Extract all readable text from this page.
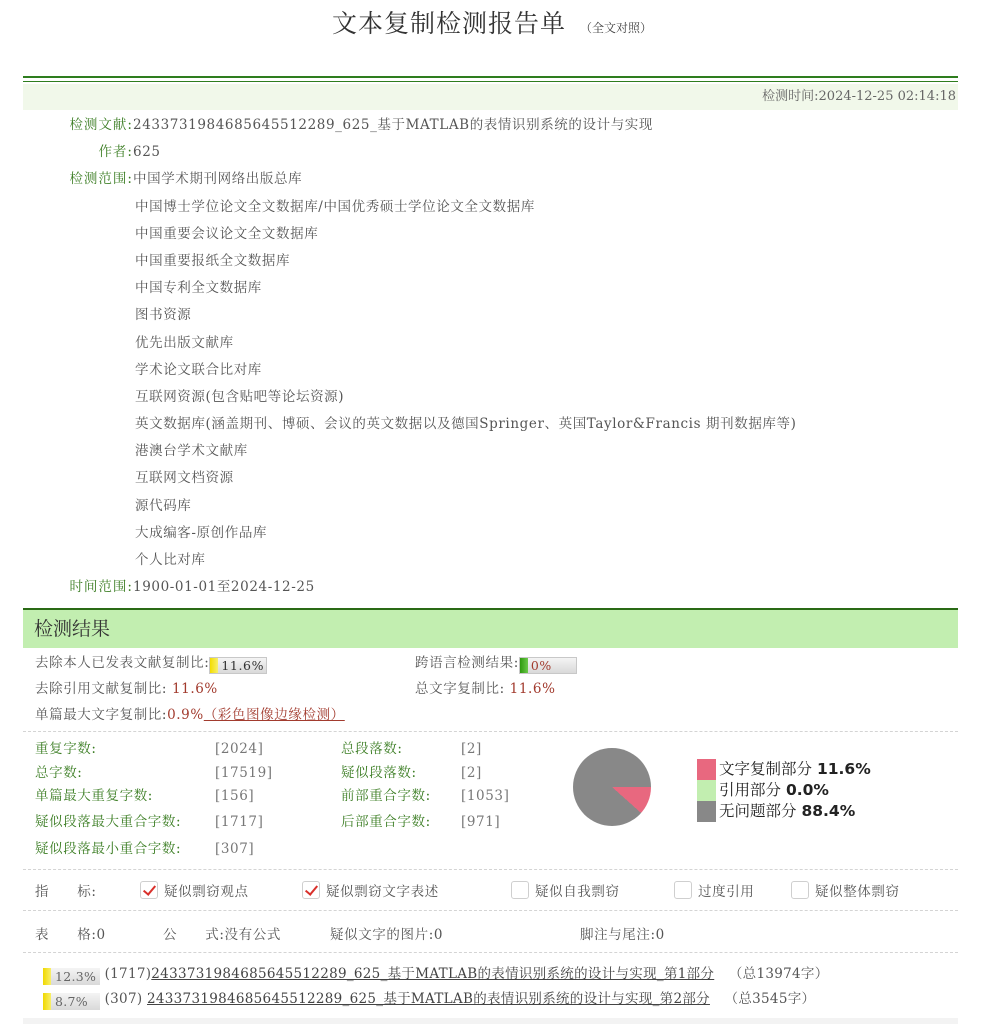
文本复制检测报告单 （全文对照）
检测时间:2024-12-25 02:14:18
检测文献:2433731984685645512289_625_基于MATLAB的表情识别系统的设计与实现
作者:625
检测范围:中国学术期刊网络出版总库
中国博士学位论文全文数据库/中国优秀硕士学位论文全文数据库
中国重要会议论文全文数据库
中国重要报纸全文数据库
中国专利全文数据库
图书资源
优先出版文献库
学术论文联合比对库
互联网资源(包含贴吧等论坛资源)
英文数据库(涵盖期刊、博硕、会议的英文数据以及德国Springer、英国Taylor&Francis 期刊数据库等)
港澳台学术文献库
互联网文档资源
源代码库
大成编客-原创作品库
个人比对库
时间范围:1900-01-01至2024-12-25
检测结果
去除本人已发表文献复制比: 11.6%	跨语言检测结果: 0%
去除引用文献复制比: 11.6%	总文字复制比: 11.6%
单篇最大文字复制比:0.9%（彩色图像边缘检测）
重复字数:	[2024]	总段落数:	[2]
总字数:	[17519]	疑似段落数:	[2]
单篇最大重复字数:	[156]	前部重合字数: [1053]
疑似段落最大重合字数:	[1717]	后部重合字数: [971]
疑似段落最小重合字数:	[307]
文字复制部分 11.6%
引用部分 0.0%
无问题部分 88.4%
指　　标:	疑似剽窃观点	疑似剽窃文字表述	疑似自我剽窃	过度引用	疑似整体剽窃
表　　格:0	公　　式:没有公式	疑似文字的图片:0	脚注与尾注:0
12.3% (1717)2433731984685645512289_625_基于MATLAB的表情识别系统的设计与实现_第1部分 （总13974字）
8.7% (307) 2433731984685645512289_625_基于MATLAB的表情识别系统的设计与实现_第2部分 （总3545字）
